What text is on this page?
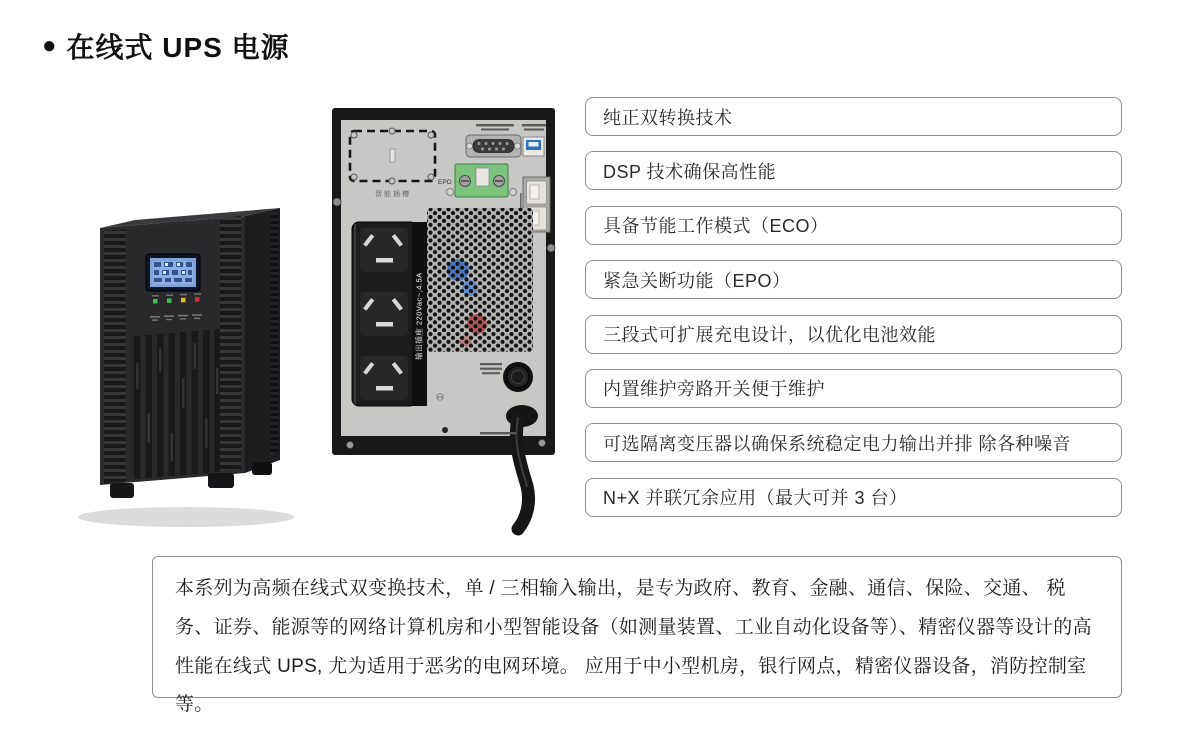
● 在线式 UPS 电源
智能插槽
EPO
输出插座 220Vac~,4.5A
纯正双转换技术
DSP 技术确保高性能
具备节能工作模式（ECO）
紧急关断功能（EPO）
三段式可扩展充电设计，以优化电池效能
内置维护旁路开关便于维护
可选隔离变压器以确保系统稳定电力输出并排 除各种噪音
N+X 并联冗余应用（最大可并 3 台）

本系列为高频在线式双变换技术，单 / 三相输入输出，是专为政府、教育、金融、通信、保险、交通、 税务、证券、能源等的网络计算机房和小型智能设备（如测量装置、工业自动化设备等）、精密仪器等设计的高性能在线式 UPS, 尤为适用于恶劣的电网环境。 应用于中小型机房，银行网点，精密仪器设备，消防控制室等。
